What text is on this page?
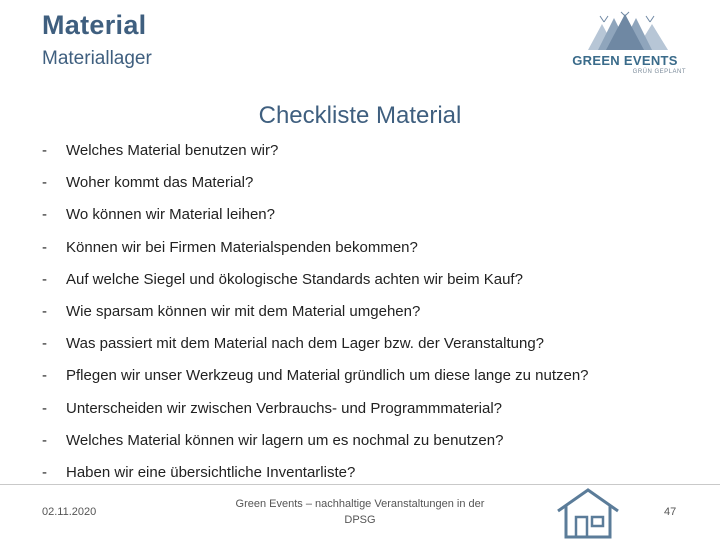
Material
Materiallager	GREEN EVENTS
GRÜN GEPLANT
Checkliste Material
-	Welches Material benutzen wir?
-	Woher kommt das Material?
-	Wo können wir Material leihen?
-	Können wir bei Firmen Materialspenden bekommen?
-	Auf welche Siegel und ökologische Standards achten wir beim Kauf?
-	Wie sparsam können wir mit dem Material umgehen?
-	Was passiert mit dem Material nach dem Lager bzw. der Veranstaltung?
-	Pflegen wir unser Werkzeug und Material gründlich um diese lange zu nutzen?
-	Unterscheiden wir zwischen Verbrauchs- und Programmmaterial?
-	Welches Material können wir lagern um es nochmal zu benutzen?
-	Haben wir eine übersichtliche Inventarliste?
02.11.2020
Green Events – nachhaltige Veranstaltungen in der DPSG
47
